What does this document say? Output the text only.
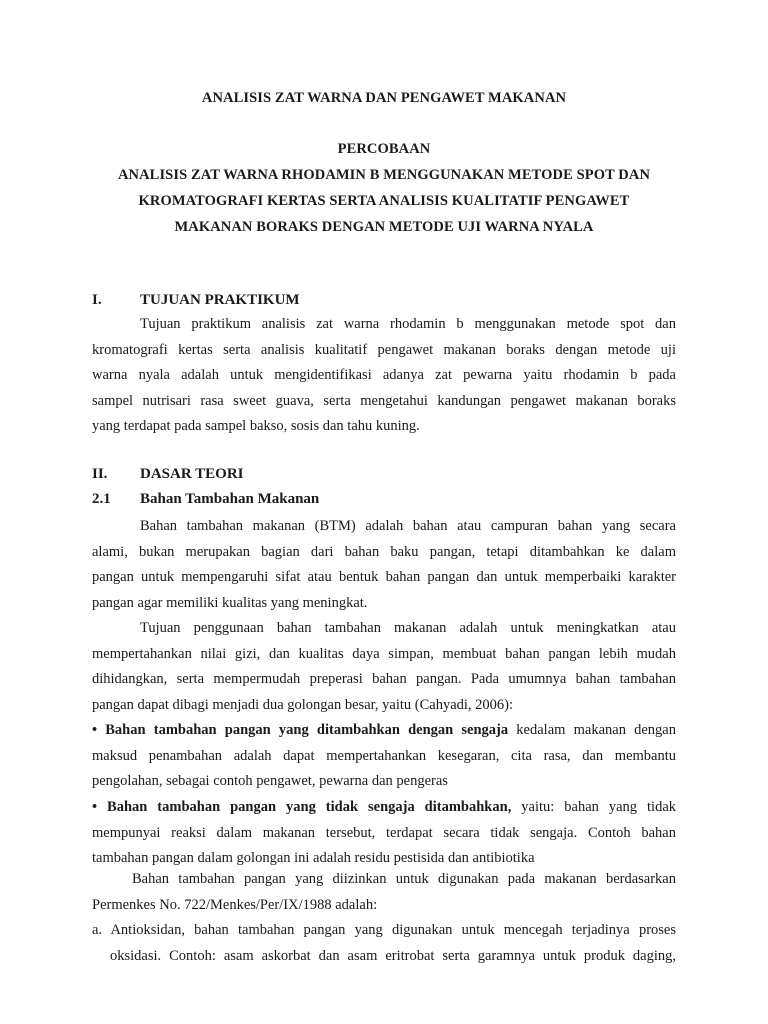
ANALISIS ZAT WARNA DAN PENGAWET MAKANAN
PERCOBAAN
ANALISIS ZAT WARNA RHODAMIN B MENGGUNAKAN METODE SPOT DAN
KROMATOGRAFI KERTAS SERTA ANALISIS KUALITATIF PENGAWET
MAKANAN BORAKS DENGAN METODE UJI WARNA NYALA
I.	TUJUAN PRAKTIKUM
Tujuan praktikum analisis zat warna rhodamin b menggunakan metode spot dan
kromatografi kertas serta analisis kualitatif pengawet makanan boraks dengan metode uji
warna nyala adalah untuk mengidentifikasi adanya zat pewarna yaitu rhodamin b pada
sampel nutrisari rasa sweet guava, serta mengetahui kandungan pengawet makanan boraks
yang terdapat pada sampel bakso, sosis dan tahu kuning.
II. DASAR TEORI
2.1 Bahan Tambahan Makanan
Bahan tambahan makanan (BTM) adalah bahan atau campuran bahan yang secara
alami, bukan merupakan bagian dari bahan baku pangan, tetapi ditambahkan ke dalam
pangan untuk mempengaruhi sifat atau bentuk bahan pangan dan untuk memperbaiki karakter
pangan agar memiliki kualitas yang meningkat.
Tujuan penggunaan bahan tambahan makanan adalah untuk meningkatkan atau
mempertahankan nilai gizi, dan kualitas daya simpan, membuat bahan pangan lebih mudah
dihidangkan, serta mempermudah preperasi bahan pangan. Pada umumnya bahan tambahan
pangan dapat dibagi menjadi dua golongan besar, yaitu (Cahyadi, 2006):
• Bahan tambahan pangan yang ditambahkan dengan sengaja kedalam makanan dengan
maksud penambahan adalah dapat mempertahankan kesegaran, cita rasa, dan membantu
pengolahan, sebagai contoh pengawet, pewarna dan pengeras
• Bahan tambahan pangan yang tidak sengaja ditambahkan, yaitu: bahan yang tidak
mempunyai reaksi dalam makanan tersebut, terdapat secara tidak sengaja. Contoh bahan
tambahan pangan dalam golongan ini adalah residu pestisida dan antibiotika
Bahan tambahan pangan yang diizinkan untuk digunakan pada makanan berdasarkan
Permenkes No. 722/Menkes/Per/IX/1988 adalah:
a. Antioksidan, bahan tambahan pangan yang digunakan untuk mencegah terjadinya proses
oksidasi. Contoh: asam askorbat dan asam eritrobat serta garamnya untuk produk daging,
